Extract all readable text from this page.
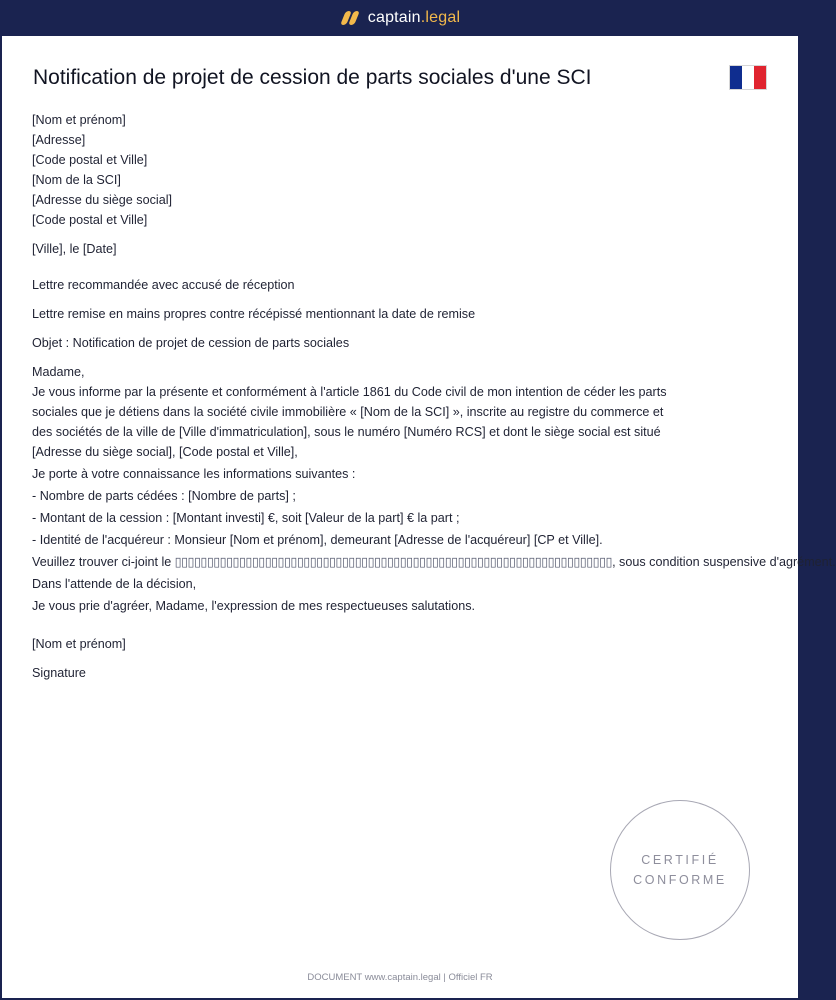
captain.legal
Notification de projet de cession de parts sociales d'une SCI
[Nom et prénom]
[Adresse]
[Code postal et Ville]
[Nom de la SCI]
[Adresse du siège social]
[Code postal et Ville]
[Ville], le [Date]
Lettre recommandée avec accusé de réception
Lettre remise en mains propres contre récépissé mentionnant la date de remise
Objet : Notification de projet de cession de parts sociales
Madame,
Je vous informe par la présente et conformément à l'article 1861 du Code civil de mon intention de céder les parts
sociales que je détiens dans la société civile immobilière « [Nom de la SCI] », inscrite au registre du commerce et
des sociétés de la ville de [Ville d'immatriculation], sous le numéro [Numéro RCS] et dont le siège social est situé
[Adresse du siège social], [Code postal et Ville],
Je porte à votre connaissance les informations suivantes :
- Nombre de parts cédées : [Nombre de parts] ;
- Montant de la cession : [Montant investi] €, soit [Valeur de la part] € la part ;
- Identité de l'acquéreur : Monsieur [Nom et prénom], demeurant [Adresse de l'acquéreur] [CP et Ville].
Veuillez trouver ci-joint le ▯▯▯▯▯▯▯▯▯▯▯▯▯▯▯▯▯▯▯▯▯▯▯▯▯▯▯▯▯▯▯▯▯▯▯▯▯▯▯▯▯▯▯▯▯▯▯▯▯▯▯▯▯▯▯▯▯▯▯▯▯▯▯▯▯▯▯▯, sous condition suspensive d'agrément.
Dans l'attende de la décision,
Je vous prie d'agréer, Madame, l'expression de mes respectueuses salutations.
[Nom et prénom]
Signature
CERTIFIÉ
CONFORME
DOCUMENT www.captain.legal | Officiel FR
